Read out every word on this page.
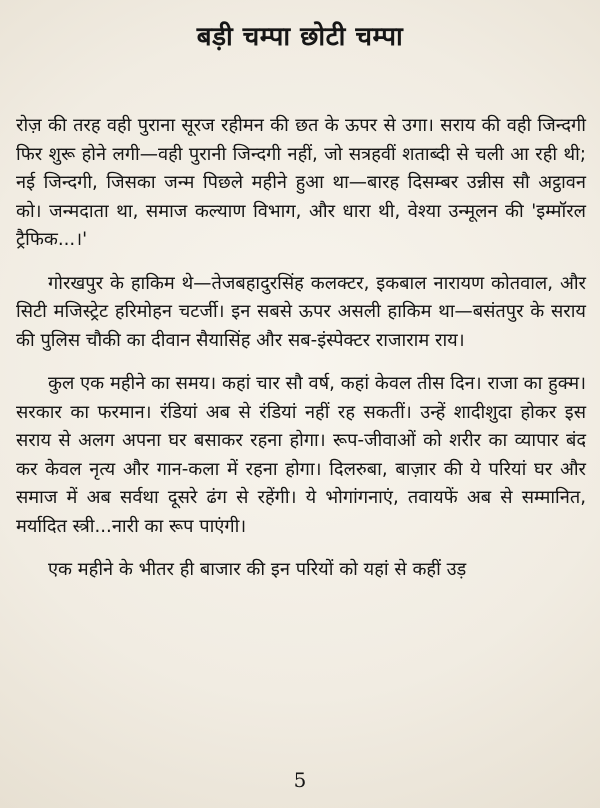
बड़ी चम्पा छोटी चम्पा

रोज़ की तरह वही पुराना सूरज रहीमन की छत के ऊपर से उगा। सराय की वही जिन्दगी फिर शुरू होने लगी—वही पुरानी जिन्दगी नहीं, जो सत्रहवीं शताब्दी से चली आ रही थी; नई जिन्दगी, जिसका जन्म पिछले महीने हुआ था—बारह दिसम्बर उन्नीस सौ अट्ठावन को। जन्मदाता था, समाज कल्याण विभाग, और धारा थी, वेश्या उन्मूलन की 'इम्मॉरल ट्रैफिक...।'

गोरखपुर के हाकिम थे—तेजबहादुरसिंह कलक्टर, इकबाल नारायण कोतवाल, और सिटी मजिस्ट्रेट हरिमोहन चटर्जी। इन सबसे ऊपर असली हाकिम था—बसंतपुर के सराय की पुलिस चौकी का दीवान सैयासिंह और सब-इंस्पेक्टर राजाराम राय।

कुल एक महीने का समय। कहां चार सौ वर्ष, कहां केवल तीस दिन। राजा का हुक्म। सरकार का फरमान। रंडियां अब से रंडियां नहीं रह सकतीं। उन्हें शादीशुदा होकर इस सराय से अलग अपना घर बसाकर रहना होगा। रूप-जीवाओं को शरीर का व्यापार बंद कर केवल नृत्य और गान-कला में रहना होगा। दिलरुबा, बाज़ार की ये परियां घर और समाज में अब सर्वथा दूसरे ढंग से रहेंगी। ये भोगांगनाएं, तवायफें अब से सम्मानित, मर्यादित स्त्री...नारी का रूप पाएंगी।

एक महीने के भीतर ही बाजार की इन परियों को यहां से कहीं उड़

5
